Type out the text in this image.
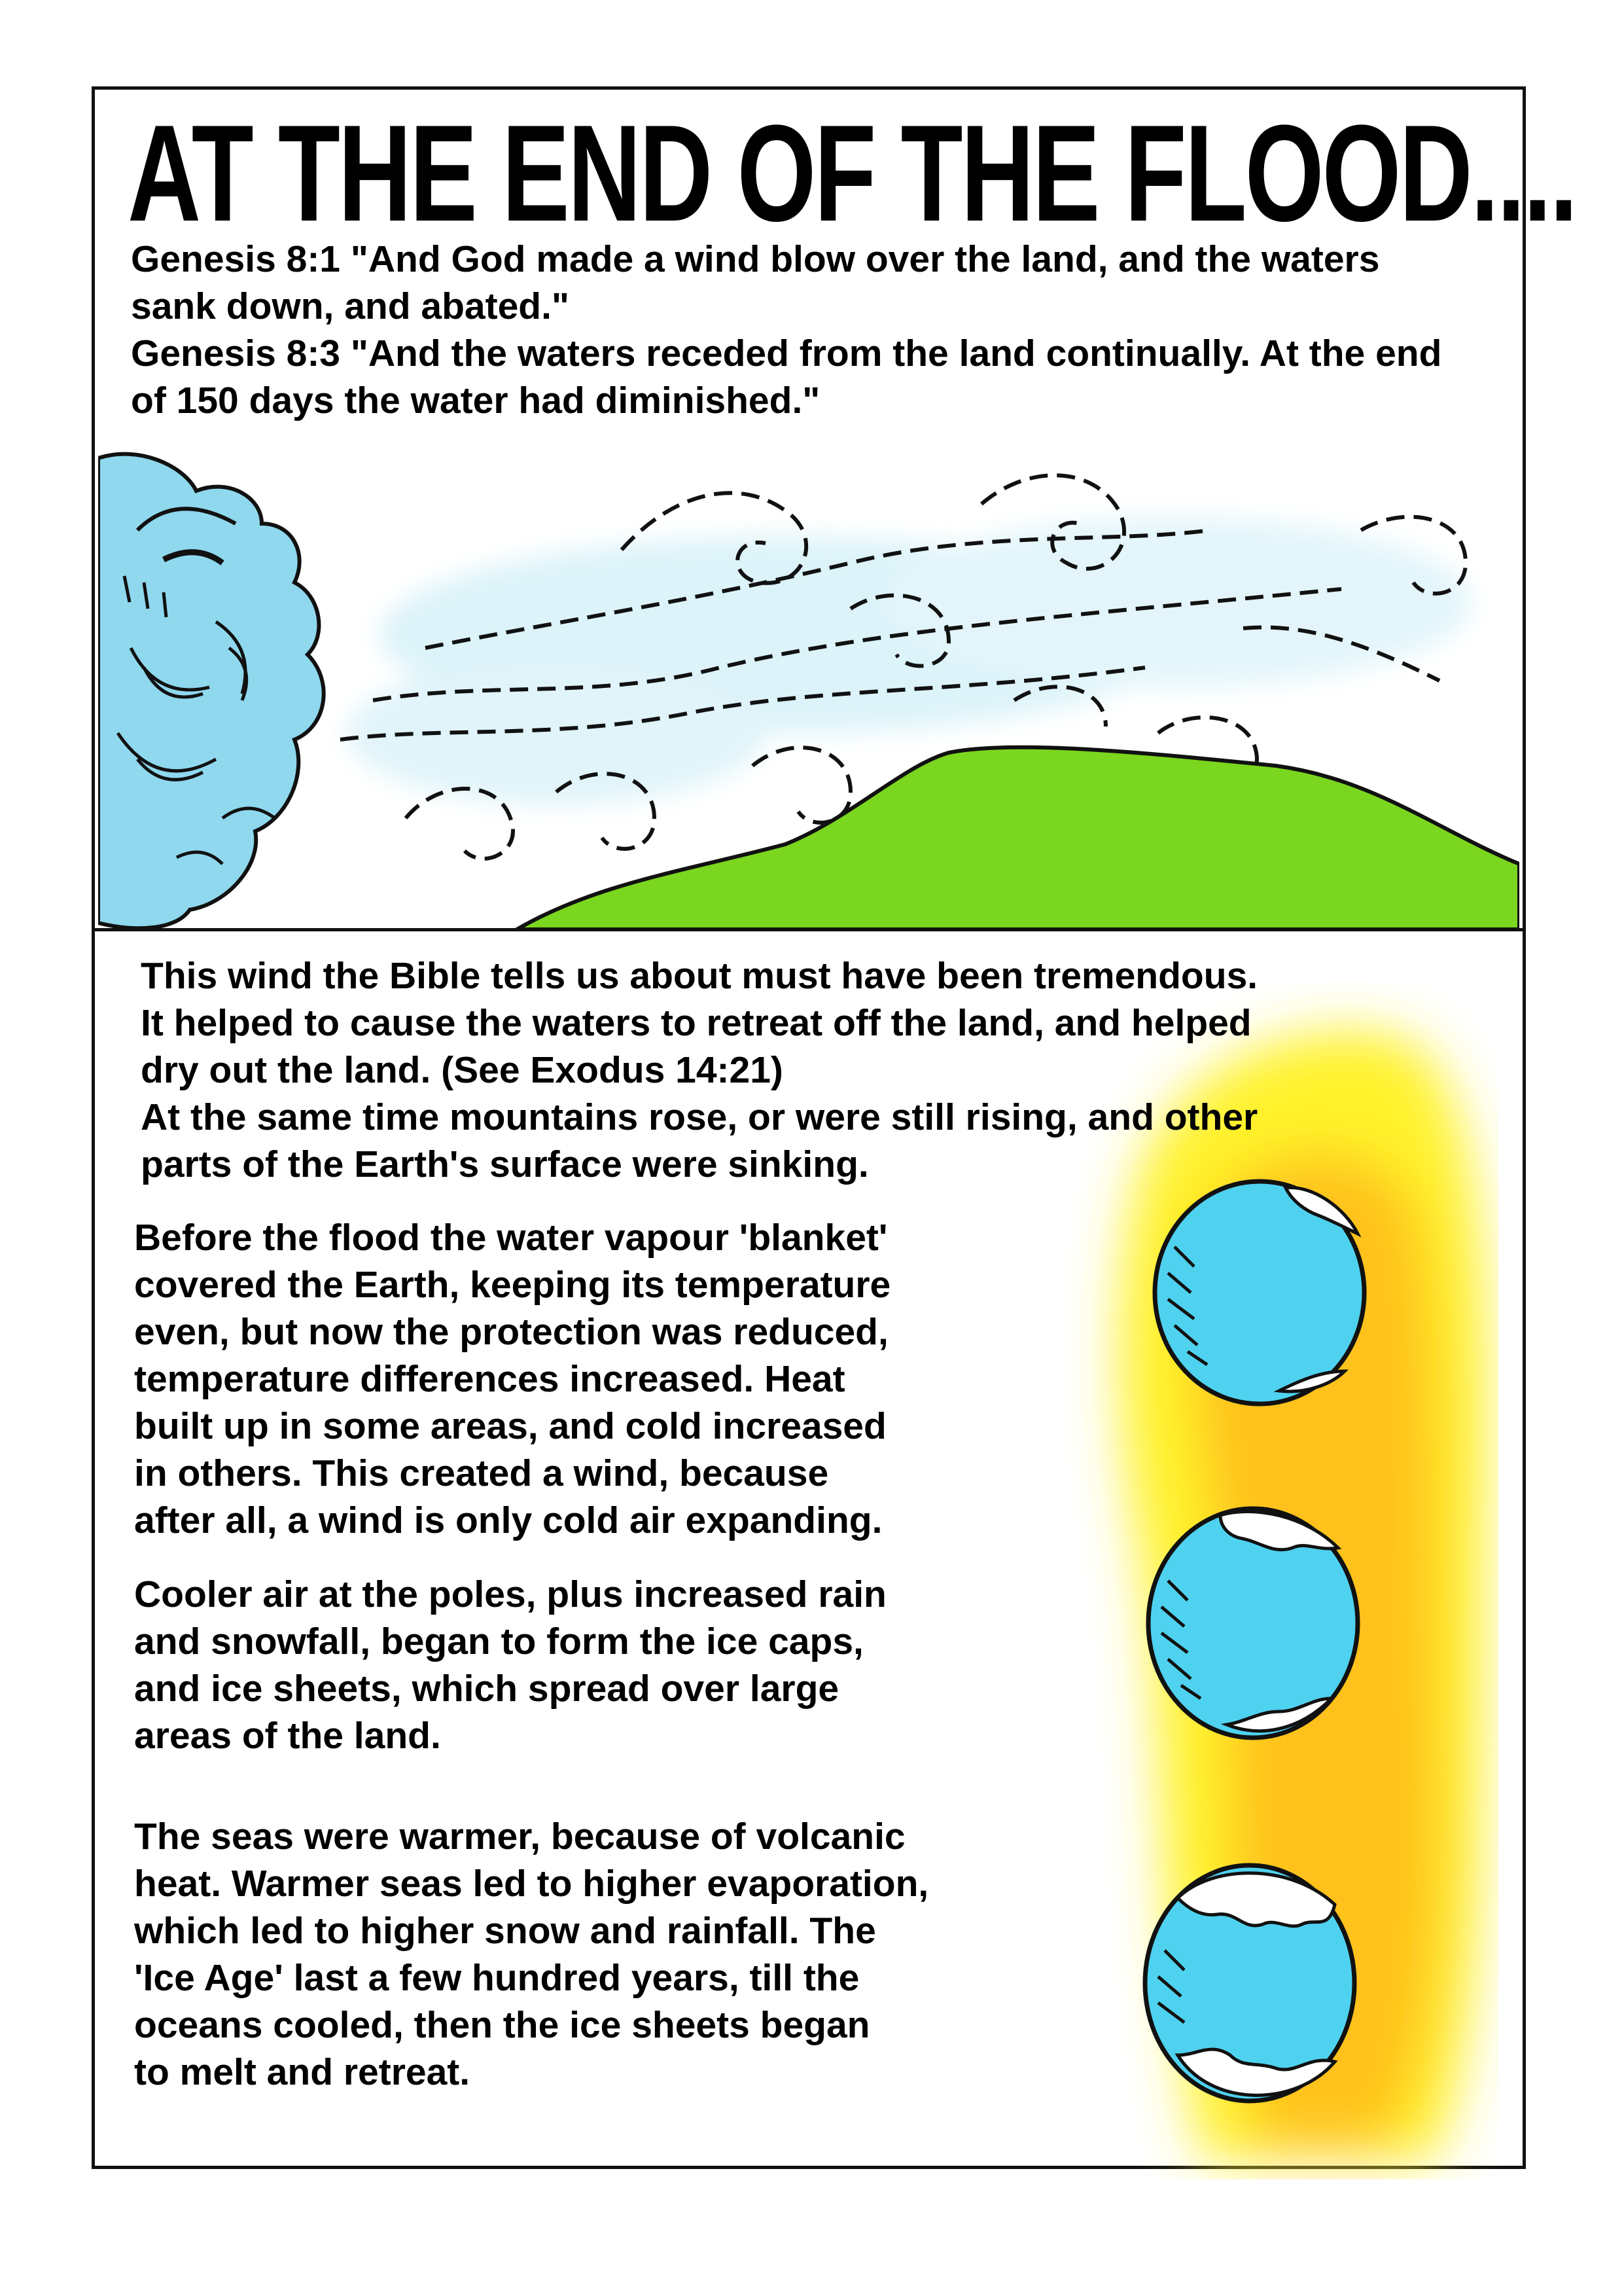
AT THE END OF THE FLOOD....

Genesis 8:1 "And God made a wind blow over the land, and the waters sank down, and abated."

Genesis 8:3 "And the waters receded from the land continually. At the end of 150 days the water had diminished."

This wind the Bible tells us about must have been tremendous.

It helped to cause the waters to retreat off the land, and helped

dry out the land. (See Exodus 14:21)

At the same time mountains rose, or were still rising, and other

parts of the Earth's surface were sinking.

Before the flood the water vapour 'blanket'

covered the Earth, keeping its temperature

even, but now the protection was reduced,

temperature differences increased. Heat

built up in some areas, and cold increased

in others. This created a wind, because

after all, a wind is only cold air expanding.

Cooler air at the poles, plus increased rain

and snowfall, began to form the ice caps,

and ice sheets, which spread over large

areas of the land.

The seas were warmer, because of volcanic

heat. Warmer seas led to higher evaporation,

which led to higher snow and rainfall. The

'Ice Age' last a few hundred years, till the

oceans cooled, then the ice sheets began

to melt and retreat.
